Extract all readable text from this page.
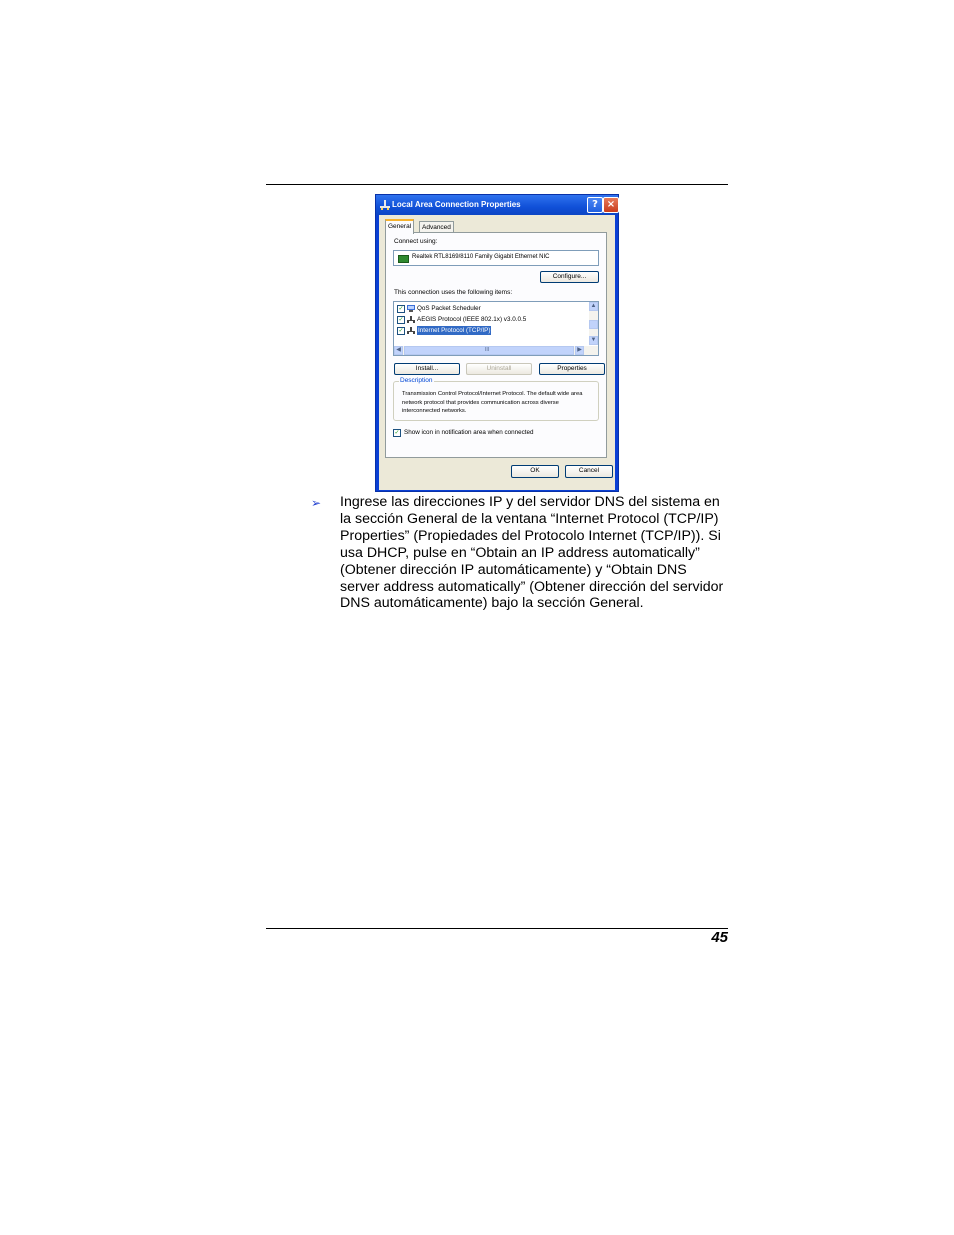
Local Area Connection Properties	? ×
General	Advanced
Connect using:
Realtek RTL8169/8110 Family Gigabit Ethernet NIC
Configure...
This connection uses the following items:
✓ QoS Packet Scheduler
✓ AEGIS Protocol (IEEE 802.1x) v3.0.0.5
✓ Internet Protocol (TCP/IP)
▲
▼
◀	III	▶
Install...	Uninstall	Properties
Description
Transmission Control Protocol/Internet Protocol. The default wide area network protocol that provides communication across diverse interconnected networks.
✓ Show icon in notification area when connected
OK	Cancel
➢ Ingrese las direcciones IP y del servidor DNS del sistema en la sección General de la ventana “Internet Protocol (TCP/IP) Properties” (Propiedades del Protocolo Internet (TCP/IP)). Si usa DHCP, pulse en “Obtain an IP address automatically” (Obtener dirección IP automáticamente) y “Obtain DNS server address automatically” (Obtener dirección del servidor DNS automáticamente) bajo la sección General.
45
